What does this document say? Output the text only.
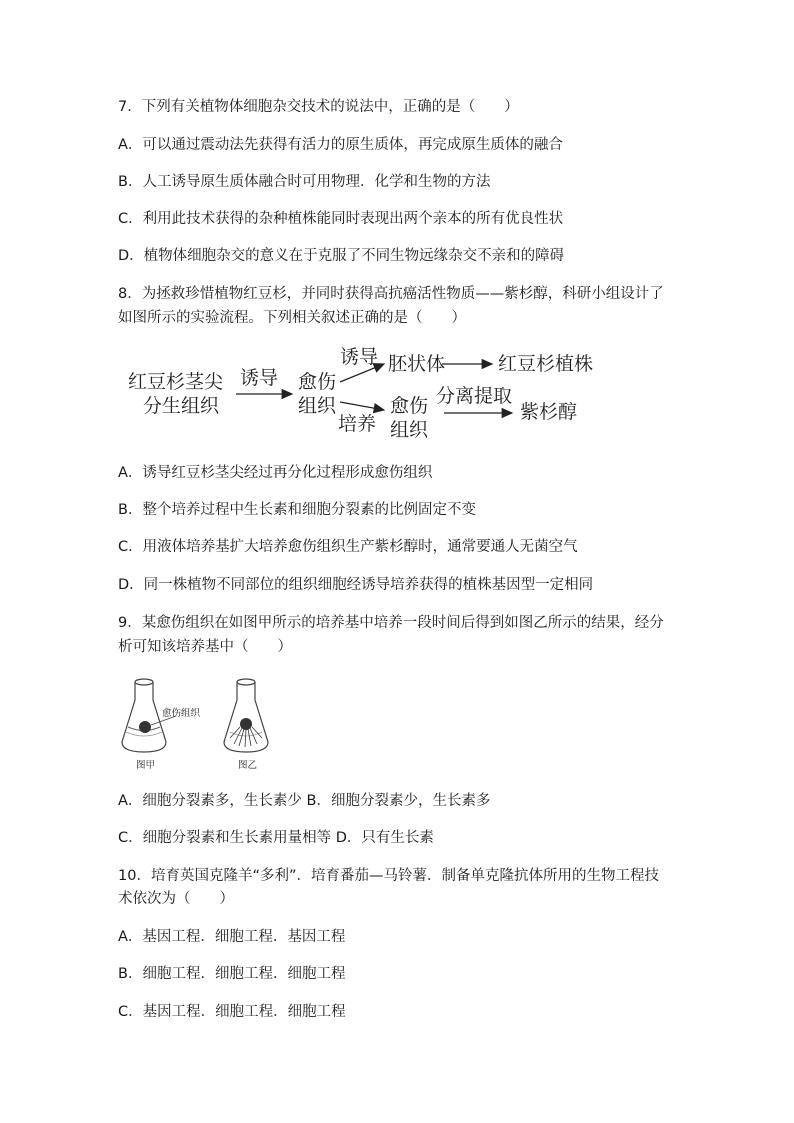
7．下列有关植物体细胞杂交技术的说法中，正确的是（　　）
A．可以通过震动法先获得有活力的原生质体，再完成原生质体的融合
B．人工诱导原生质体融合时可用物理．化学和生物的方法
C．利用此技术获得的杂种植株能同时表现出两个亲本的所有优良性状
D．植物体细胞杂交的意义在于克服了不同生物远缘杂交不亲和的障碍
8．为拯救珍惜植物红豆杉，并同时获得高抗癌活性物质——紫杉醇，科研小组设计了
如图所示的实验流程。下列相关叙述正确的是（　　）
红豆杉茎尖
分生组织
诱导 愈伤
组织
诱导 胚状体	红豆杉植株
培养
愈伤
组织
分离提取
紫杉醇
A．诱导红豆杉茎尖经过再分化过程形成愈伤组织
B．整个培养过程中生长素和细胞分裂素的比例固定不变
C．用液体培养基扩大培养愈伤组织生产紫杉醇时，通常要通人无菌空气
D．同一株植物不同部位的组织细胞经诱导培养获得的植株基因型一定相同
9．某愈伤组织在如图甲所示的培养基中培养一段时间后得到如图乙所示的结果，经分
析可知该培养基中（　　）
愈伤组织
图甲	图乙
A．细胞分裂素多，生长素少 B．细胞分裂素少，生长素多
C．细胞分裂素和生长素用量相等 D．只有生长素
10．培育英国克隆羊“多利”．培育番茄—马铃薯．制备单克隆抗体所用的生物工程技
术依次为（　　）
A．基因工程．细胞工程．基因工程
B．细胞工程．细胞工程．细胞工程
C．基因工程．细胞工程．细胞工程
